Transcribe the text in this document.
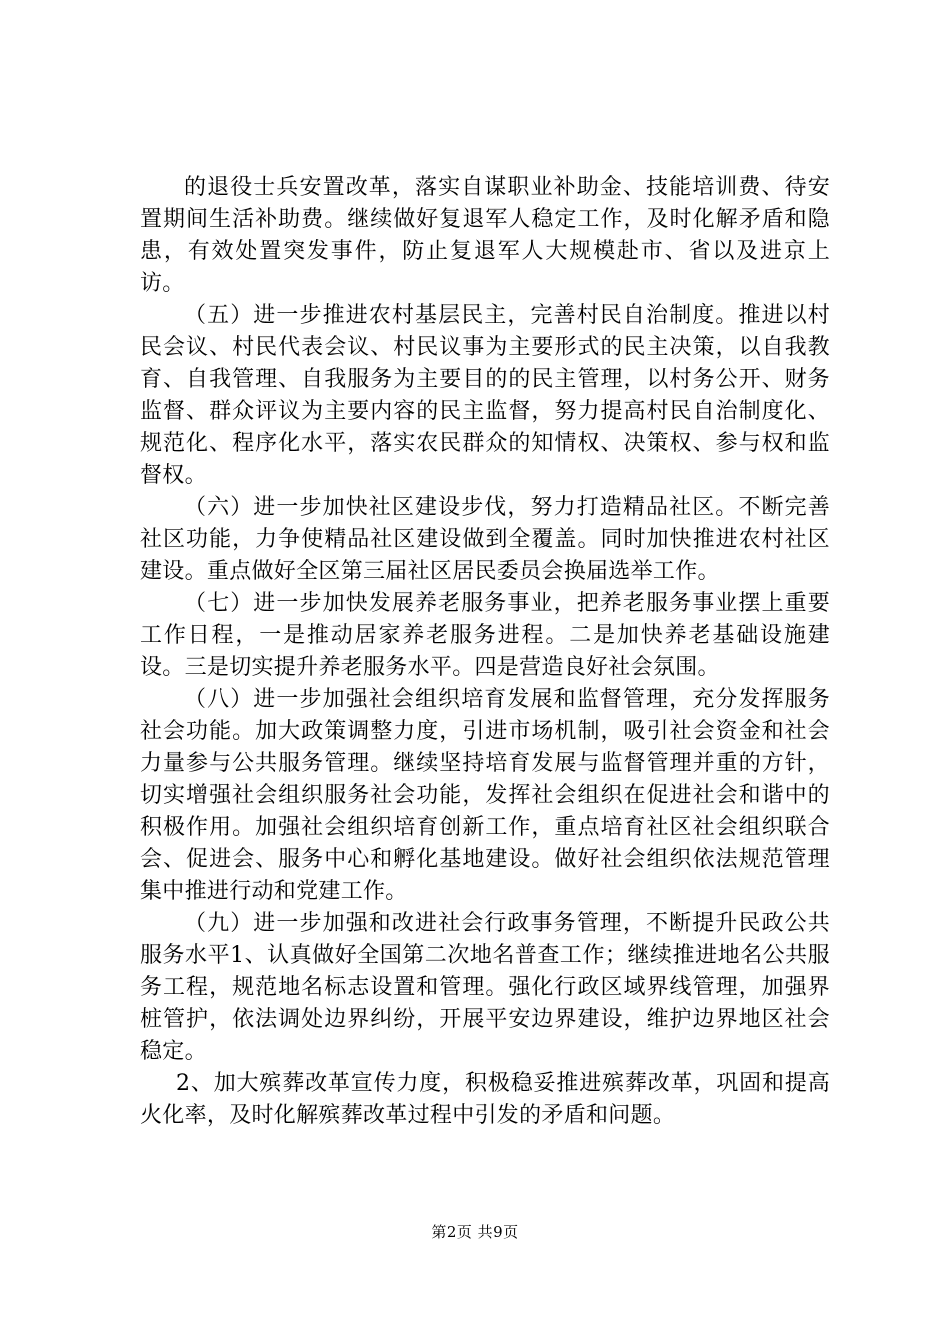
的退役士兵安置改革，落实自谋职业补助金、技能培训费、待安置期间生活补助费。继续做好复退军人稳定工作，及时化解矛盾和隐患，有效处置突发事件，防止复退军人大规模赴市、省以及进京上访。

（五）进一步推进农村基层民主，完善村民自治制度。推进以村民会议、村民代表会议、村民议事为主要形式的民主决策，以自我教育、自我管理、自我服务为主要目的的民主管理，以村务公开、财务监督、群众评议为主要内容的民主监督，努力提高村民自治制度化、规范化、程序化水平，落实农民群众的知情权、决策权、参与权和监督权。

（六）进一步加快社区建设步伐，努力打造精品社区。不断完善社区功能，力争使精品社区建设做到全覆盖。同时加快推进农村社区建设。重点做好全区第三届社区居民委员会换届选举工作。

（七）进一步加快发展养老服务事业，把养老服务事业摆上重要工作日程，一是推动居家养老服务进程。二是加快养老基础设施建设。三是切实提升养老服务水平。四是营造良好社会氛围。

（八）进一步加强社会组织培育发展和监督管理，充分发挥服务社会功能。加大政策调整力度，引进市场机制，吸引社会资金和社会力量参与公共服务管理。继续坚持培育发展与监督管理并重的方针，切实增强社会组织服务社会功能，发挥社会组织在促进社会和谐中的积极作用。加强社会组织培育创新工作，重点培育社区社会组织联合会、促进会、服务中心和孵化基地建设。做好社会组织依法规范管理集中推进行动和党建工作。

（九）进一步加强和改进社会行政事务管理，不断提升民政公共服务水平1、认真做好全国第二次地名普查工作；继续推进地名公共服务工程，规范地名标志设置和管理。强化行政区域界线管理，加强界桩管护，依法调处边界纠纷，开展平安边界建设，维护边界地区社会稳定。

2、加大殡葬改革宣传力度，积极稳妥推进殡葬改革，巩固和提高火化率，及时化解殡葬改革过程中引发的矛盾和问题。

第2页 共9页
